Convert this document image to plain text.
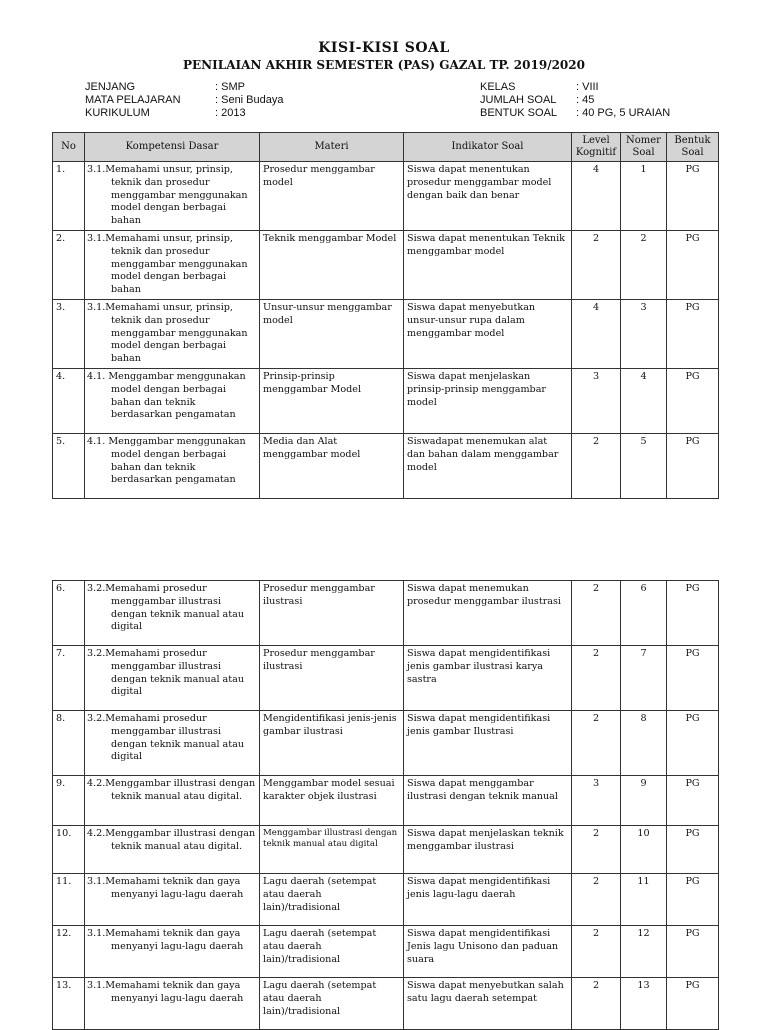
KISI-KISI SOAL
PENILAIAN AKHIR SEMESTER (PAS) GAZAL TP. 2019/2020
JENJANG	: SMP
MATA PELAJARAN	: Seni Budaya
KURIKULUM	: 2013
KELAS	: VIII
JUMLAH SOAL	: 45
BENTUK SOAL	: 40 PG, 5 URAIAN
No	Kompetensi Dasar	Materi	Indikator Soal	Level Kognitif	Nomer Soal	Bentuk Soal
1.	3.1.Memahami unsur, prinsip, teknik dan prosedur menggambar menggunakan model dengan berbagai bahan	Prosedur menggambar model	Siswa dapat menentukan prosedur menggambar model dengan baik dan benar	4	1	PG
2.	3.1.Memahami unsur, prinsip, teknik dan prosedur menggambar menggunakan model dengan berbagai bahan	Teknik menggambar Model	Siswa dapat menentukan Teknik menggambar model	2	2	PG
3.	3.1.Memahami unsur, prinsip, teknik dan prosedur menggambar menggunakan model dengan berbagai bahan	Unsur-unsur menggambar model	Siswa dapat menyebutkan unsur-unsur rupa dalam menggambar model	4	3	PG
4.	4.1. Menggambar menggunakan model dengan berbagai bahan dan teknik berdasarkan pengamatan	Prinsip-prinsip menggambar Model	Siswa dapat menjelaskan prinsip-prinsip menggambar model	3	4	PG
5.	4.1. Menggambar menggunakan model dengan berbagai bahan dan teknik berdasarkan pengamatan	Media dan Alat menggambar model	Siswadapat menemukan alat dan bahan dalam menggambar model	2	5	PG
6.	3.2.Memahami prosedur menggambar illustrasi dengan teknik manual atau digital	Prosedur menggambar ilustrasi	Siswa dapat menemukan prosedur menggambar ilustrasi	2	6	PG
7.	3.2.Memahami prosedur menggambar illustrasi dengan teknik manual atau digital	Prosedur menggambar ilustrasi	Siswa dapat mengidentifikasi jenis gambar ilustrasi karya sastra	2	7	PG
8.	3.2.Memahami prosedur menggambar illustrasi dengan teknik manual atau digital	Mengidentifikasi jenis-jenis gambar ilustrasi	Siswa dapat mengidentifikasi jenis gambar Ilustrasi	2	8	PG
9.	4.2.Menggambar illustrasi dengan teknik manual atau digital.	Menggambar model sesuai karakter objek ilustrasi	Siswa dapat menggambar ilustrasi dengan teknik manual	3	9	PG
10.	4.2.Menggambar illustrasi dengan teknik manual atau digital.	Menggambar illustrasi dengan teknik manual atau digital	Siswa dapat menjelaskan teknik menggambar ilustrasi	2	10	PG
11.	3.1.Memahami teknik dan gaya menyanyi lagu-lagu daerah	Lagu daerah (setempat atau daerah lain)/tradisional	Siswa dapat mengidentifikasi jenis lagu-lagu daerah	2	11	PG
12.	3.1.Memahami teknik dan gaya menyanyi lagu-lagu daerah	Lagu daerah (setempat atau daerah lain)/tradisional	Siswa dapat mengidentifikasi Jenis lagu Unisono dan paduan suara	2	12	PG
13.	3.1.Memahami teknik dan gaya menyanyi lagu-lagu daerah	Lagu daerah (setempat atau daerah lain)/tradisional	Siswa dapat menyebutkan salah satu lagu daerah setempat	2	13	PG
